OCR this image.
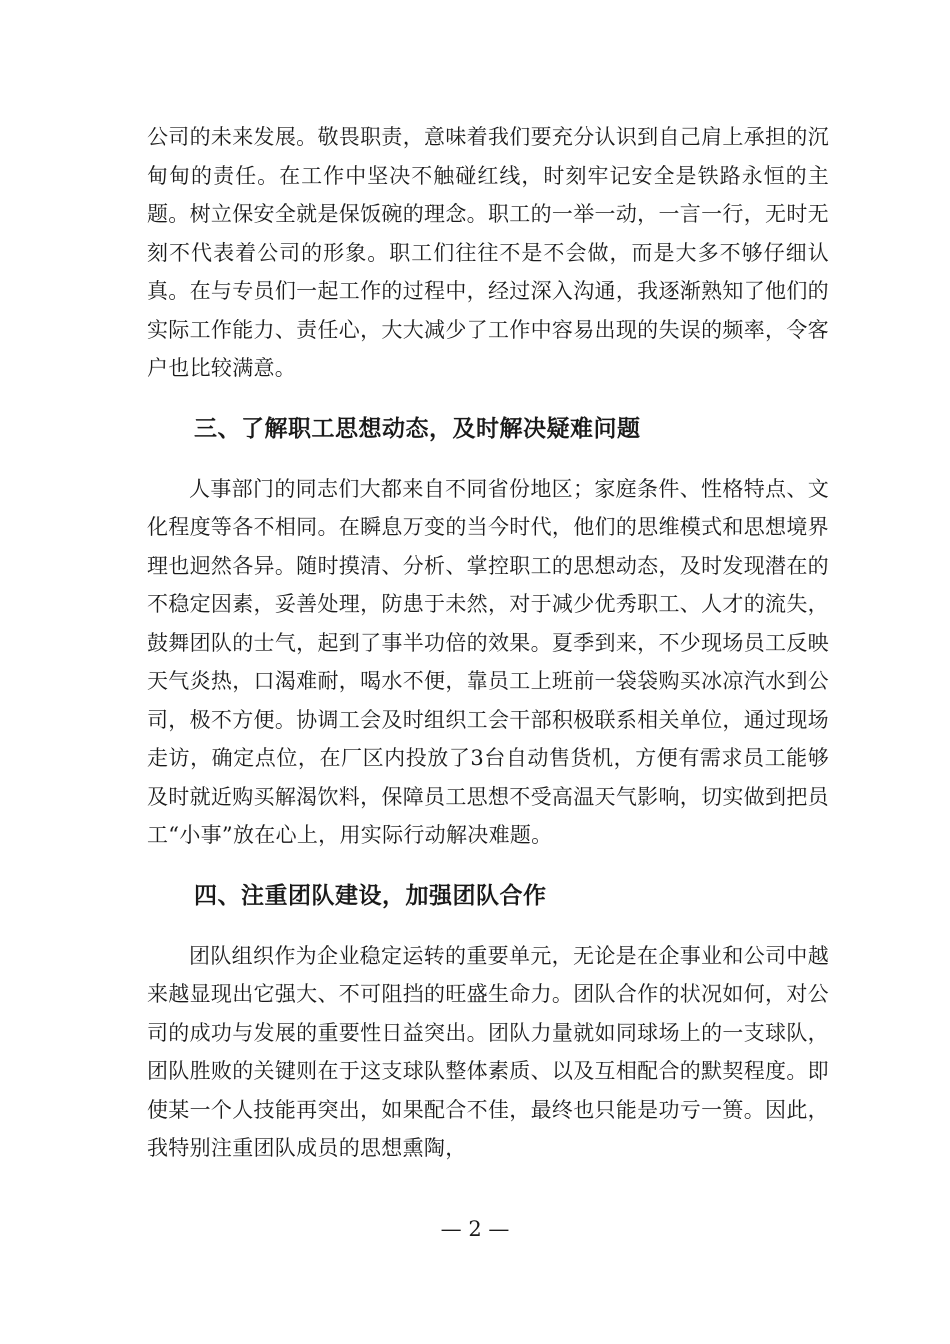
公司的未来发展。敬畏职责，意味着我们要充分认识到自己肩上承担的沉甸甸的责任。在工作中坚决不触碰红线，时刻牢记安全是铁路永恒的主题。树立保安全就是保饭碗的理念。职工的一举一动，一言一行，无时无刻不代表着公司的形象。职工们往往不是不会做，而是大多不够仔细认真。在与专员们一起工作的过程中，经过深入沟通，我逐渐熟知了他们的实际工作能力、责任心，大大减少了工作中容易出现的失误的频率，令客户也比较满意。

三、了解职工思想动态，及时解决疑难问题

人事部门的同志们大都来自不同省份地区；家庭条件、性格特点、文化程度等各不相同。在瞬息万变的当今时代，他们的思维模式和思想境界理也迥然各异。随时摸清、分析、掌控职工的思想动态，及时发现潜在的不稳定因素，妥善处理，防患于未然，对于减少优秀职工、人才的流失，鼓舞团队的士气，起到了事半功倍的效果。夏季到来，不少现场员工反映天气炎热，口渴难耐，喝水不便，靠员工上班前一袋袋购买冰凉汽水到公司，极不方便。协调工会及时组织工会干部积极联系相关单位，通过现场走访，确定点位，在厂区内投放了3台自动售货机，方便有需求员工能够及时就近购买解渴饮料，保障员工思想不受高温天气影响，切实做到把员工“小事”放在心上，用实际行动解决难题。

四、注重团队建设，加强团队合作

团队组织作为企业稳定运转的重要单元，无论是在企事业和公司中越来越显现出它强大、不可阻挡的旺盛生命力。团队合作的状况如何，对公司的成功与发展的重要性日益突出。团队力量就如同球场上的一支球队，团队胜败的关键则在于这支球队整体素质、以及互相配合的默契程度。即使某一个人技能再突出，如果配合不佳，最终也只能是功亏一篑。因此，我特别注重团队成员的思想熏陶，

— 2 —
